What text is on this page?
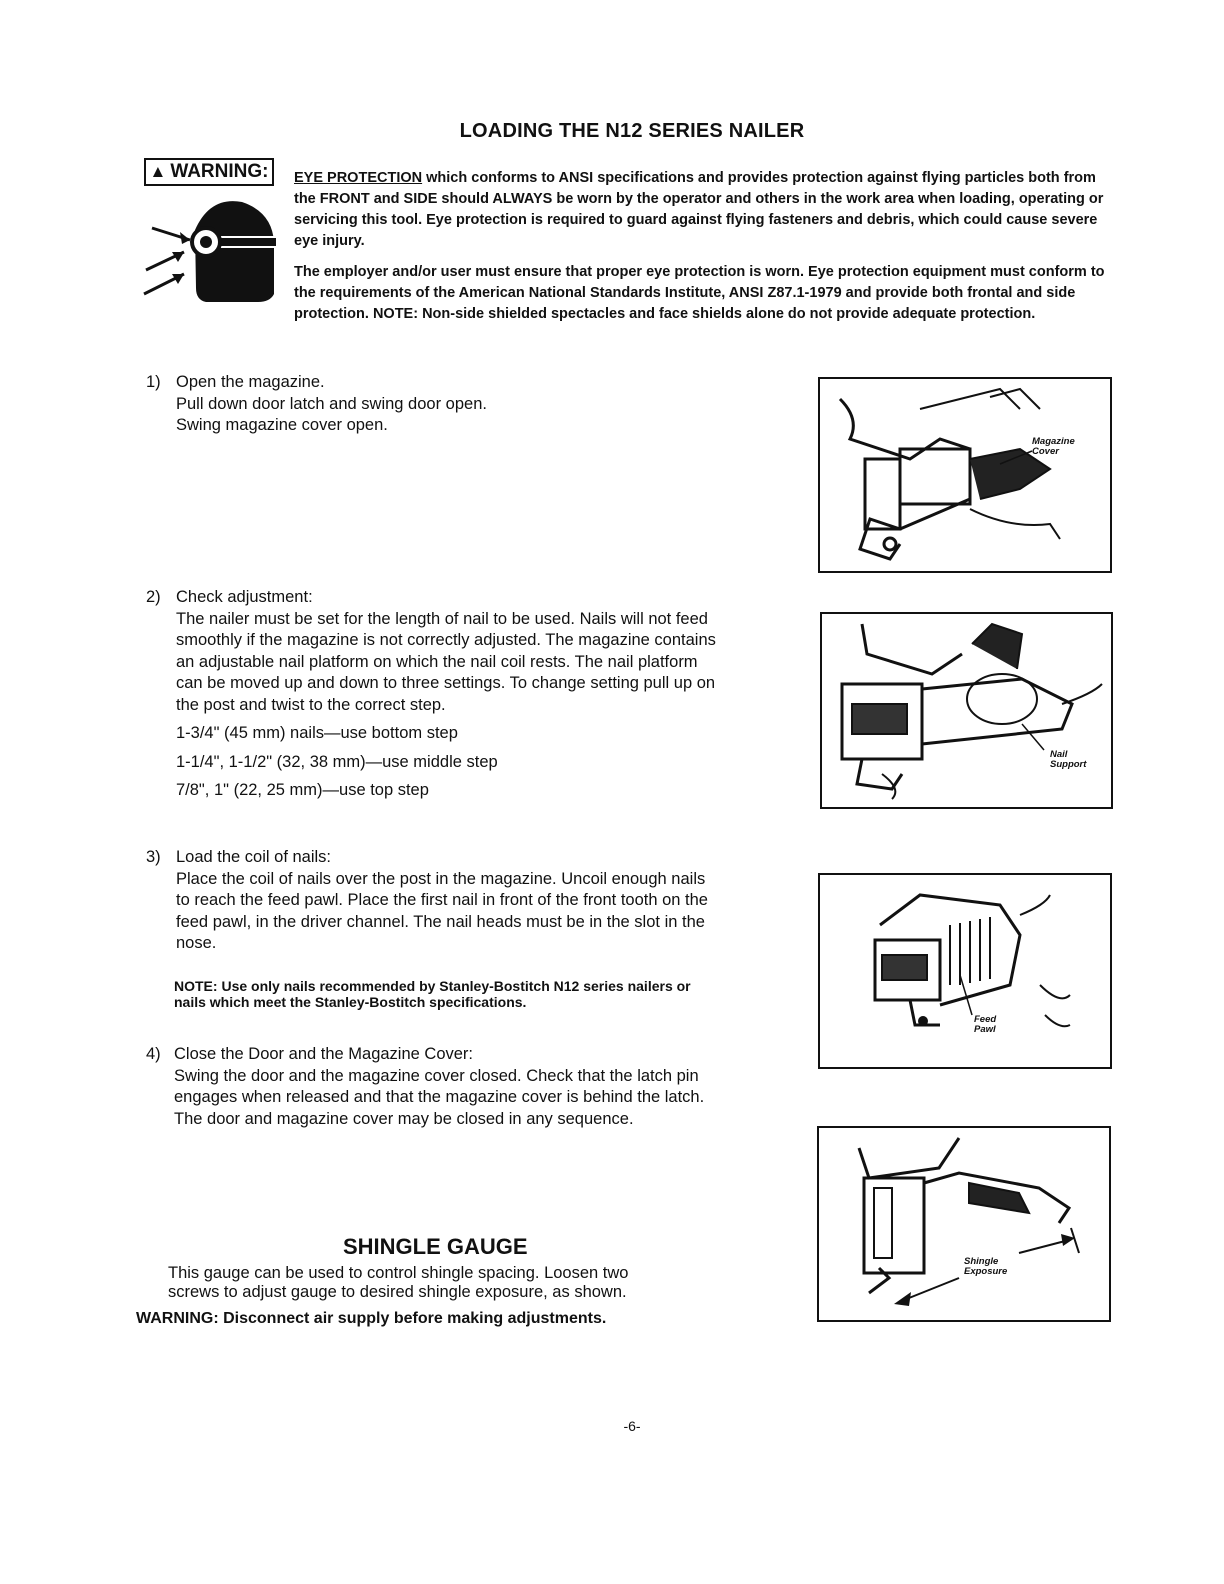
LOADING THE N12 SERIES NAILER
▲ WARNING: EYE PROTECTION which conforms to ANSI specifications and provides protection against flying particles both from the FRONT and SIDE should ALWAYS be worn by the operator and others in the work area when loading, operating or servicing this tool. Eye protection is required to guard against flying fasteners and debris, which could cause severe eye injury.

The employer and/or user must ensure that proper eye protection is worn. Eye protection equipment must conform to the requirements of the American National Standards Institute, ANSI Z87.1-1979 and provide both frontal and side protection. NOTE: Non-side shielded spectacles and face shields alone do not provide adequate protection.

1) Open the magazine.
Pull down door latch and swing door open.
Swing magazine cover open.
Magazine
Cover
2) Check adjustment:
The nailer must be set for the length of nail to be used. Nails will not feed smoothly if the magazine is not correctly adjusted. The magazine contains an adjustable nail platform on which the nail coil rests. The nail platform can be moved up and down to three settings. To change setting pull up on the post and twist to the correct step.
1-3/4" (45 mm) nails—use bottom step
1-1/4", 1-1/2" (32, 38 mm)—use middle step
7/8", 1" (22, 25 mm)—use top step
Nail
Support
3) Load the coil of nails:
Place the coil of nails over the post in the magazine. Uncoil enough nails to reach the feed pawl. Place the first nail in front of the front tooth on the feed pawl, in the driver channel. The nail heads must be in the slot in the nose.
NOTE: Use only nails recommended by Stanley-Bostitch N12 series nailers or nails which meet the Stanley-Bostitch specifications.
Feed
Pawl
4) Close the Door and the Magazine Cover:
Swing the door and the magazine cover closed. Check that the latch pin engages when released and that the magazine cover is behind the latch. The door and magazine cover may be closed in any sequence.
Shingle
Exposure
SHINGLE GAUGE
This gauge can be used to control shingle spacing. Loosen two
screws to adjust gauge to desired shingle exposure, as shown.
WARNING: Disconnect air supply before making adjustments.
-6-
